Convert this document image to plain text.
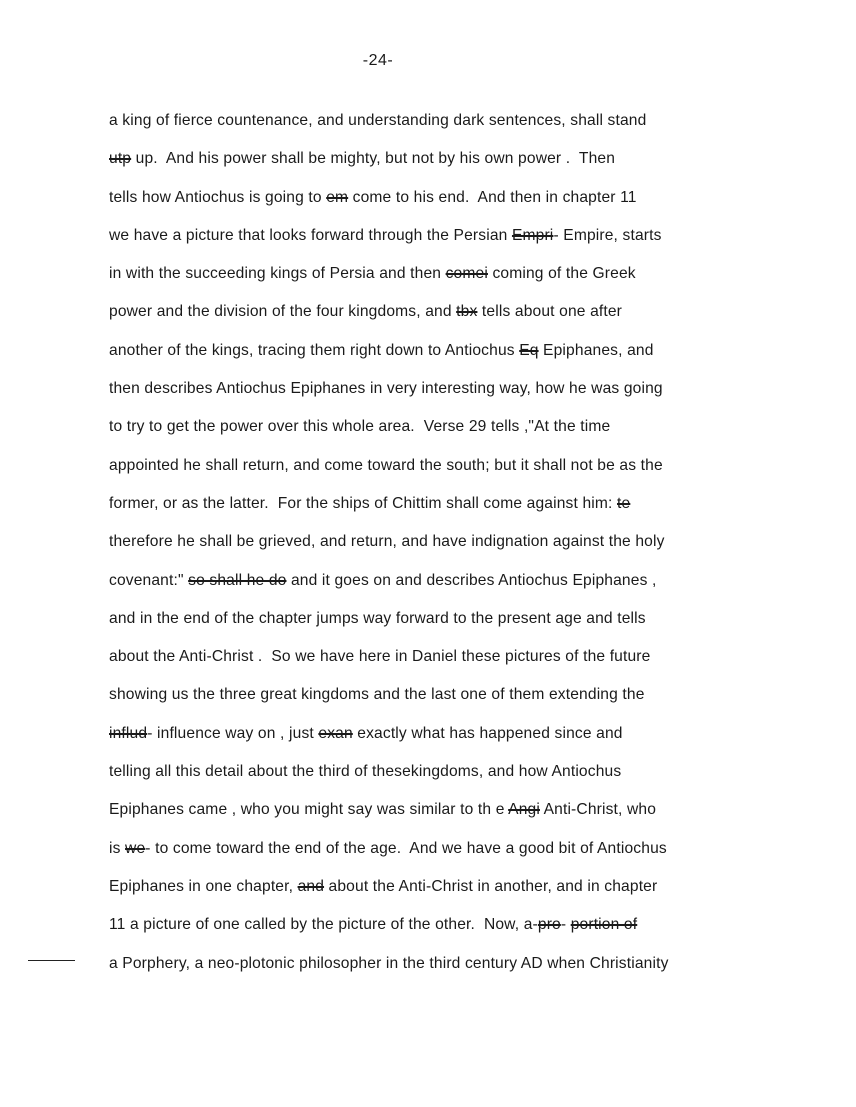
-24-
a king of fierce countenance, and understanding dark sentences, shall stand
utp up.  And his power shall be mighty, but not by his own power .  Then
tells how Antiochus is going to em come to his end.  And then in chapter 11
we have a picture that looks forward through the Persian Empri- Empire, starts
in with the succeeding kings of Persia and then comei coming of the Greek
power and the division of the four kingdoms, and tbx tells about one after
another of the kings, tracing them right down to Antiochus Eq Epiphanes, and
then describes Antiochus Epiphanes in very interesting way, how he was going
to try to get the power over this whole area.  Verse 29 tells ,"At the time
appointed he shall return, and come toward the south; but it shall not be as the
former, or as the latter.  For the ships of Chittim shall come against him: te
therefore he shall be grieved, and return, and have indignation against the holy
covenant:" so shall he do and it goes on and describes Antiochus Epiphanes ,
and in the end of the chapter jumps way forward to the present age and tells
about the Anti-Christ .  So we have here in Daniel these pictures of the future
showing us the three great kingdoms and the last one of them extending the
influd- influence way on , just exan exactly what has happened since and
telling all this detail about the third of thesekingdoms, and how Antiochus
Epiphanes came , who you might say was similar to th e Angi Anti-Christ, who
is we- to come toward the end of the age.  And we have a good bit of Antiochus
Epiphanes in one chapter, and about the Anti-Christ in another, and in chapter
11 a picture of one called by the picture of the other.  Now, a-pro- portion of
a Porphery, a neo-plotonic philosopher in the third century AD when Christianity
